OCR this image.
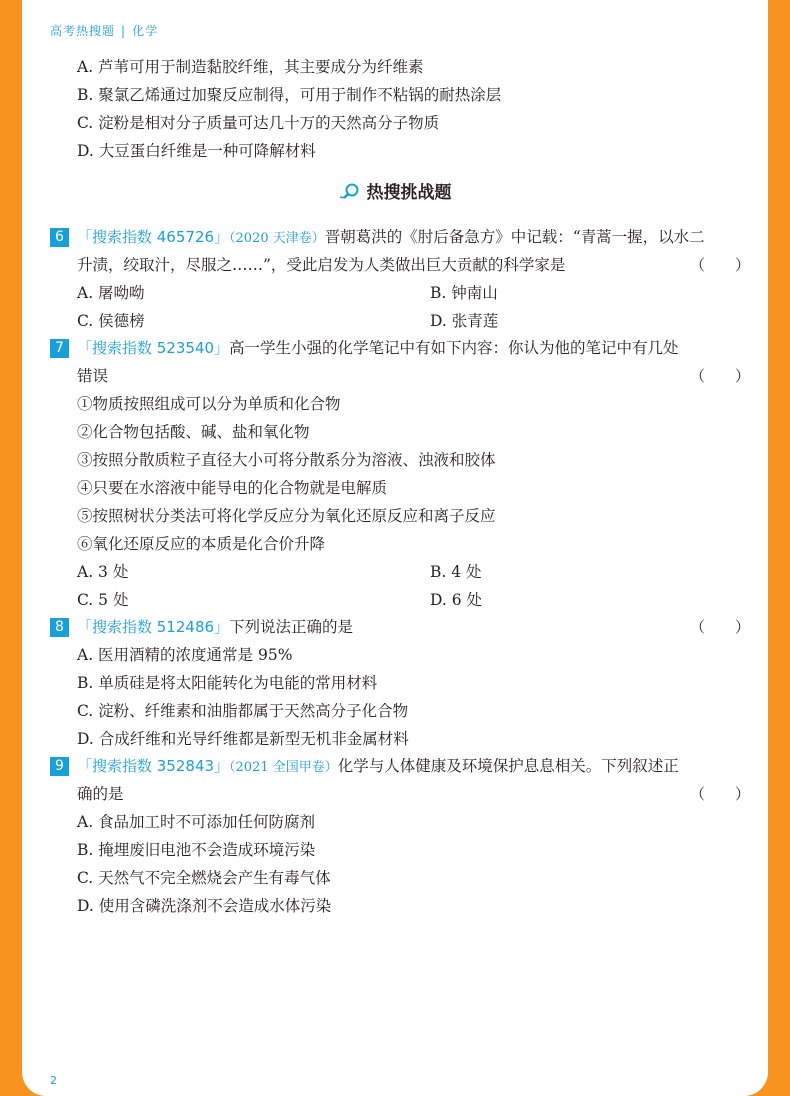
高考热搜题 | 化学
A. 芦苇可用于制造黏胶纤维，其主要成分为纤维素
B. 聚氯乙烯通过加聚反应制得，可用于制作不粘锅的耐热涂层
C. 淀粉是相对分子质量可达几十万的天然高分子物质
D. 大豆蛋白纤维是一种可降解材料
热搜挑战题
6 「搜索指数 465726」（2020 天津卷）晋朝葛洪的《肘后备急方》中记载：“青蒿一握，以水二
升渍，绞取汁，尽服之……”，受此启发为人类做出巨大贡献的科学家是	（　　）
A. 屠呦呦	B. 钟南山
C. 侯德榜	D. 张青莲
7 「搜索指数 523540」高一学生小强的化学笔记中有如下内容：你认为他的笔记中有几处
错误	（　　）
①物质按照组成可以分为单质和化合物
②化合物包括酸、碱、盐和氧化物
③按照分散质粒子直径大小可将分散系分为溶液、浊液和胶体
④只要在水溶液中能导电的化合物就是电解质
⑤按照树状分类法可将化学反应分为氧化还原反应和离子反应
⑥氧化还原反应的本质是化合价升降
A. 3 处	B. 4 处
C. 5 处	D. 6 处
8 「搜索指数 512486」下列说法正确的是	（　　）
A. 医用酒精的浓度通常是 95%
B. 单质硅是将太阳能转化为电能的常用材料
C. 淀粉、纤维素和油脂都属于天然高分子化合物
D. 合成纤维和光导纤维都是新型无机非金属材料
9 「搜索指数 352843」（2021 全国甲卷）化学与人体健康及环境保护息息相关。下列叙述正
确的是	（　　）
A. 食品加工时不可添加任何防腐剂
B. 掩埋废旧电池不会造成环境污染
C. 天然气不完全燃烧会产生有毒气体
D. 使用含磷洗涤剂不会造成水体污染
2
